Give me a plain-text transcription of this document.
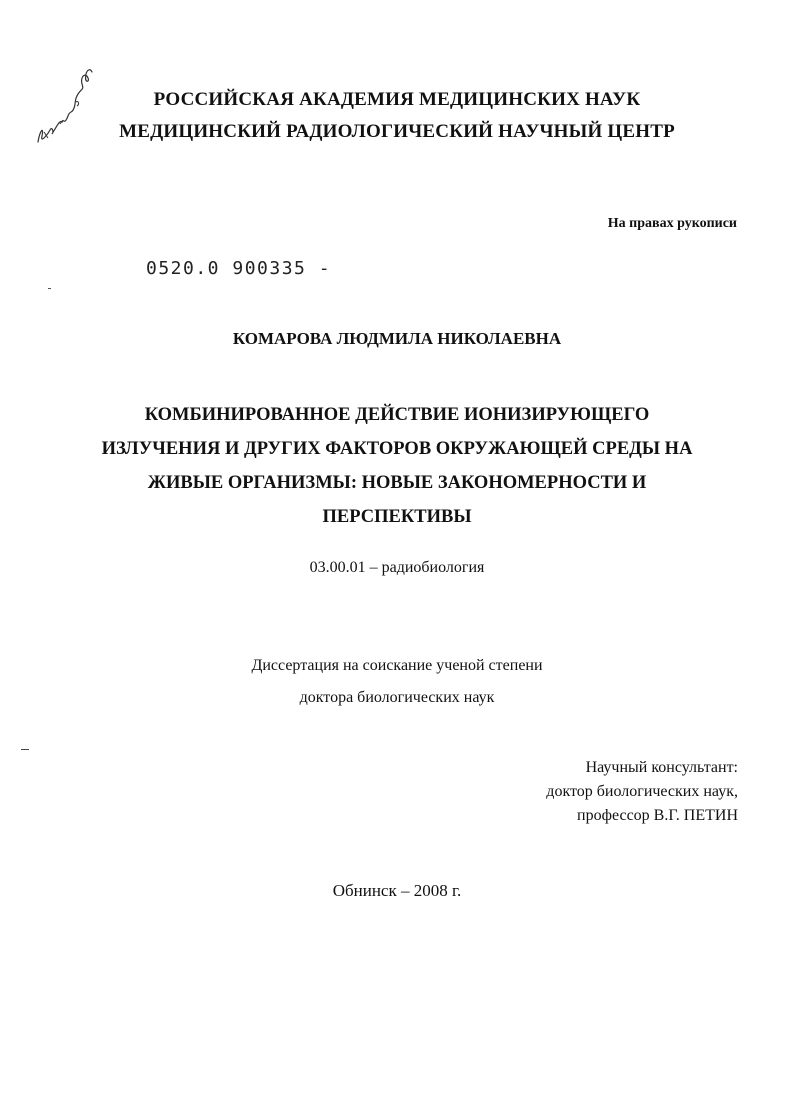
РОССИЙСКАЯ АКАДЕМИЯ МЕДИЦИНСКИХ НАУК
МЕДИЦИНСКИЙ РАДИОЛОГИЧЕСКИЙ НАУЧНЫЙ ЦЕНТР
На правах рукописи
0520.0 900335 -
КОМАРОВА ЛЮДМИЛА НИКОЛАЕВНА
КОМБИНИРОВАННОЕ ДЕЙСТВИЕ ИОНИЗИРУЮЩЕГО
ИЗЛУЧЕНИЯ И ДРУГИХ ФАКТОРОВ ОКРУЖАЮЩЕЙ СРЕДЫ НА
ЖИВЫЕ ОРГАНИЗМЫ: НОВЫЕ ЗАКОНОМЕРНОСТИ И
ПЕРСПЕКТИВЫ
03.00.01 – радиобиология
Диссертация на соискание ученой степени
доктора биологических наук
Научный консультант:
доктор биологических наук,
профессор В.Г. ПЕТИН
Обнинск – 2008 г.
